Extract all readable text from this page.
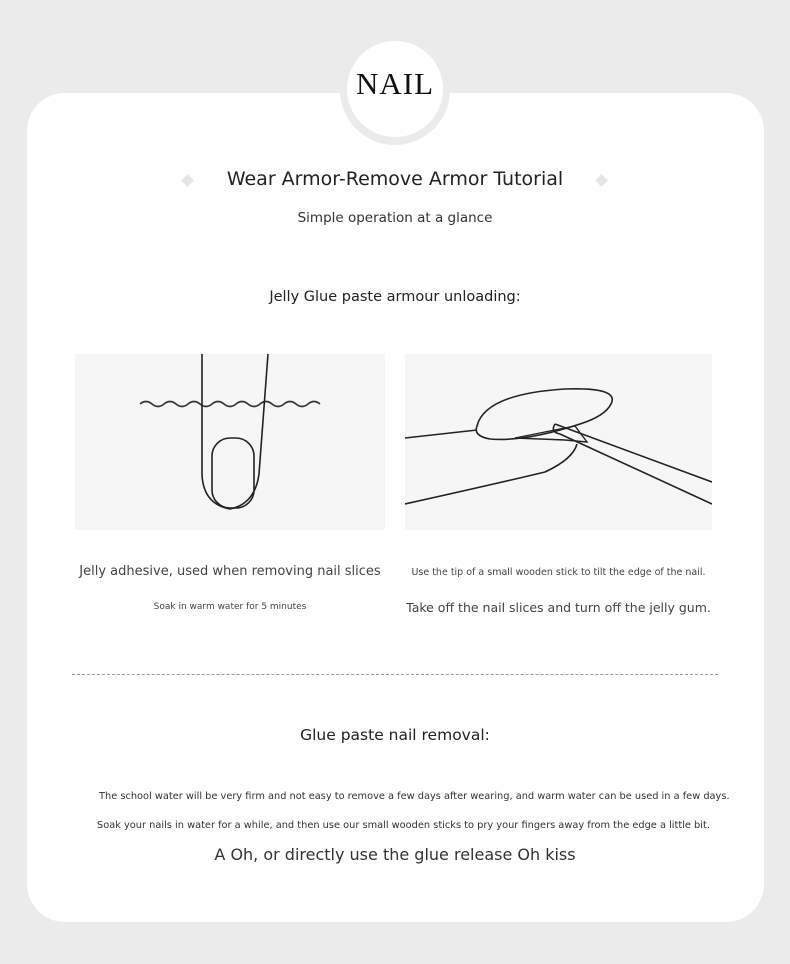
NAIL
Wear Armor-Remove Armor Tutorial
Simple operation at a glance
Jelly Glue paste armour unloading:
Jelly adhesive, used when removing nail slices
Soak in warm water for 5 minutes
Use the tip of a small wooden stick to tilt the edge of the nail.
Take off the nail slices and turn off the jelly gum.
Glue paste nail removal:
The school water will be very firm and not easy to remove a few days after wearing, and warm water can be used in a few days.
Soak your nails in water for a while, and then use our small wooden sticks to pry your fingers away from the edge a little bit.
A Oh, or directly use the glue release Oh kiss
